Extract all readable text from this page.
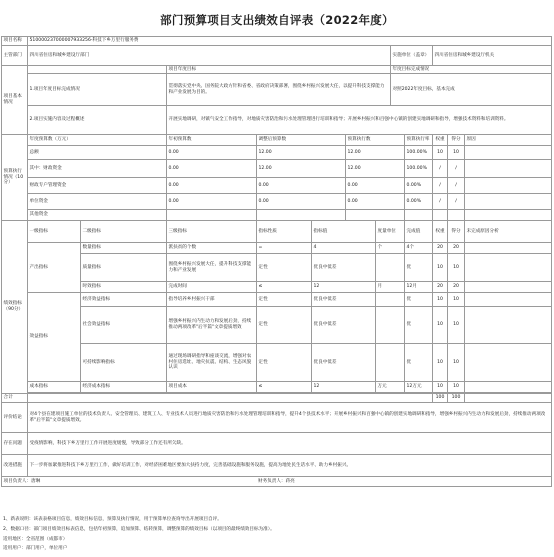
部门预算项目支出绩效自评表（2022年度）
项目名称	510000237000007933256-科技下乡万里行服务费											
主管部门	四川省住房和城乡建设厅部门							实施单位（盖章）		四川省住房和城乡建设厅机关		
项目基本情况			项目年度目标					年度目标完成情况				
	1.项目年度目标完成情况		贯彻落实党中央、国务院大政方针和省委、省政府决策部署，围绕乡村振兴发展大任，以提升科技支撑能力和产业发展为目的。					对照2022年度目标，基本完成				
	2.项目实施内容及过程概述		开展实地调研，对镇气安全工作指导，对地质灾害防治和污水处理管理进行培训和指导；开展乡村振兴和百强中心镇的创建实地调研和指导，增强技术资料和培训资料。									
预算执行情况（10分）	年度预算数（万元）		年初预算数	调整后预算数		预算执行数			预算执行率	权重	得分	原因
	总额		0.00	12.00		12.00			100.00%	10	10	
	其中：财政资金		0.00	12.00		12.00			100.00%	/	/	
	财政专户管理资金		0.00	0.00		0.00			0.00%	/	/	
	单位资金		0.00	0.00		0.00			0.00%	/	/	
	其他资金											
绩效指标（90分）	一级指标	二级指标	三级指标	指标性质	指标值		度量单位		完成值	权重	得分	未完成原因分析
	产出指标	数量指标	派扶贫的个数	=	4		个		4个	20	20	
		质量指标	围绕乡村振兴发展大任，提升科技支撑能力和产业发展	定性	优良中低差				优	10	10	
		时效指标	完成时间	≤	12		月		12月	20	20	
	效益指标	经济效益指标	指导培养乡村振兴干部	定性	优良中低差				优	10	10	
		社会效益指标	增强乡村振兴内生动力和发展后劲，持续推动两项改革"后半篇"文章提质增效	定性	优良中低差				优	10	10	
		可持续影响指标	通过现场调研指导和座谈交流，增强对农村住房选址、地灾抗震、结构、生态风貌认识	定性	优良中低差				优	10	10	
	成本指标	经济成本指标	项目成本	≤	12		万元		12万元	10	10	

合计										100	100	
评价结论	对4个县在建项目施工单位的技术负责人、安全管理员、建筑工人、专业技术人员进行地质灾害防治和污水处理管理培训和指导，提升4个县技术水平；开展乡村振兴和百强中心镇的创建实地调研和指导，增强乡村振兴内生动力和发展后劲，持续推动两项改革"后半篇"文章提质增效。											
存在问题	受疫情影响，科技下乡万里行工作开展进度缓慢，导致部分工作还有所欠缺。											
改进措施	下一步将加紧推进科技下乡万里行工作，做好培训工作，对经济困难地区要加大扶持力度，完善基础设施和服务设施，提高为地处民生话水平、助力乡村振兴。											
项目负责人：唐琳				财务负责人：蒋亮								
1、新表说明：该表表格项目信息，绩效目标信息，预算及执行情况，用于预算单位查询导出开展项目自评。
2、数据口径：部门项目绩效目标表信息，包括年初预算，追加预算、结转预算，调整预算的绩效目标（以项目的最终绩效目标为准）。
适用地区：全省范围（成都市）
适用用户：部门用户，单位用户
